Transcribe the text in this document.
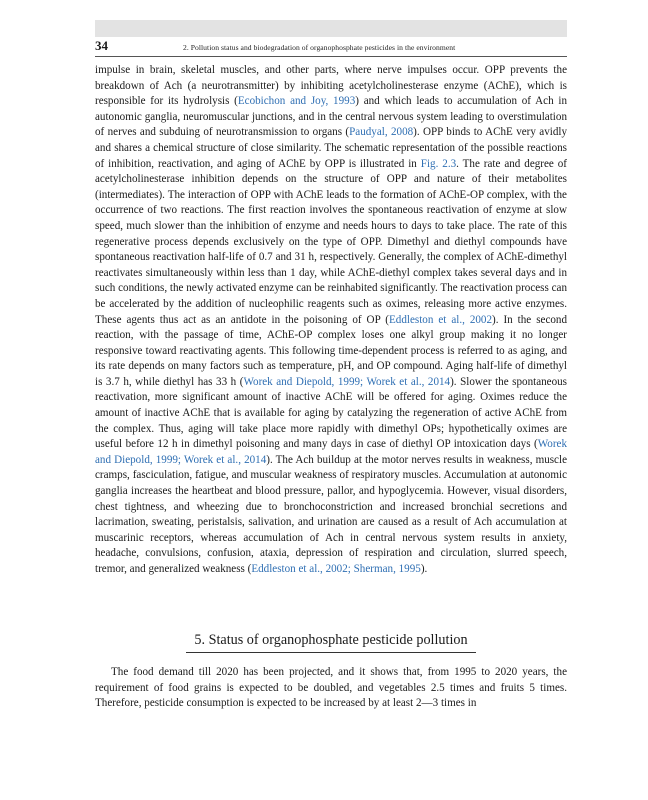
34	2. Pollution status and biodegradation of organophosphate pesticides in the environment

impulse in brain, skeletal muscles, and other parts, where nerve impulses occur. OPP prevents the breakdown of Ach (a neurotransmitter) by inhibiting acetylcholinesterase enzyme (AChE), which is responsible for its hydrolysis (Ecobichon and Joy, 1993) and which leads to accumulation of Ach in autonomic ganglia, neuromuscular junctions, and in the central nervous system leading to overstimulation of nerves and subduing of neurotransmission to organs (Paudyal, 2008). OPP binds to AChE very avidly and shares a chemical structure of close similarity. The schematic representation of the possible reactions of inhibition, reactivation, and aging of AChE by OPP is illustrated in Fig. 2.3. The rate and degree of acetylcholinesterase inhibition depends on the structure of OPP and nature of their metabolites (intermediates). The interaction of OPP with AChE leads to the formation of AChE-OP complex, with the occurrence of two reactions. The first reaction involves the spontaneous reactivation of enzyme at slow speed, much slower than the inhibition of enzyme and needs hours to days to take place. The rate of this regenerative process depends exclusively on the type of OPP. Dimethyl and diethyl compounds have spontaneous reactivation half-life of 0.7 and 31 h, respectively. Generally, the complex of AChE-dimethyl reactivates simultaneously within less than 1 day, while AChE-diethyl complex takes several days and in such conditions, the newly activated enzyme can be reinhabited significantly. The reactivation process can be accelerated by the addition of nucleophilic reagents such as oximes, releasing more active enzymes. These agents thus act as an antidote in the poisoning of OP (Eddleston et al., 2002). In the second reaction, with the passage of time, AChE-OP complex loses one alkyl group making it no longer responsive toward reactivating agents. This following time-dependent process is referred to as aging, and its rate depends on many factors such as temperature, pH, and OP compound. Aging half-life of dimethyl is 3.7 h, while diethyl has 33 h (Worek and Diepold, 1999; Worek et al., 2014). Slower the spontaneous reactivation, more significant amount of inactive AChE will be offered for aging. Oximes reduce the amount of inactive AChE that is available for aging by catalyzing the regeneration of active AChE from the complex. Thus, aging will take place more rapidly with dimethyl OPs; hypothetically oximes are useful before 12 h in dimethyl poisoning and many days in case of diethyl OP intoxication days (Worek and Diepold, 1999; Worek et al., 2014). The Ach buildup at the motor nerves results in weakness, muscle cramps, fasciculation, fatigue, and muscular weakness of respiratory muscles. Accumulation at autonomic ganglia increases the heartbeat and blood pressure, pallor, and hypoglycemia. However, visual disorders, chest tightness, and wheezing due to bronchoconstriction and increased bronchial secretions and lacrimation, sweating, peristalsis, salivation, and urination are caused as a result of Ach accumulation at muscarinic receptors, whereas accumulation of Ach in central nervous system results in anxiety, headache, convulsions, confusion, ataxia, depression of respiration and circulation, slurred speech, tremor, and generalized weakness (Eddleston et al., 2002; Sherman, 1995).

5. Status of organophosphate pesticide pollution

The food demand till 2020 has been projected, and it shows that, from 1995 to 2020 years, the requirement of food grains is expected to be doubled, and vegetables 2.5 times and fruits 5 times. Therefore, pesticide consumption is expected to be increased by at least 2—3 times in
